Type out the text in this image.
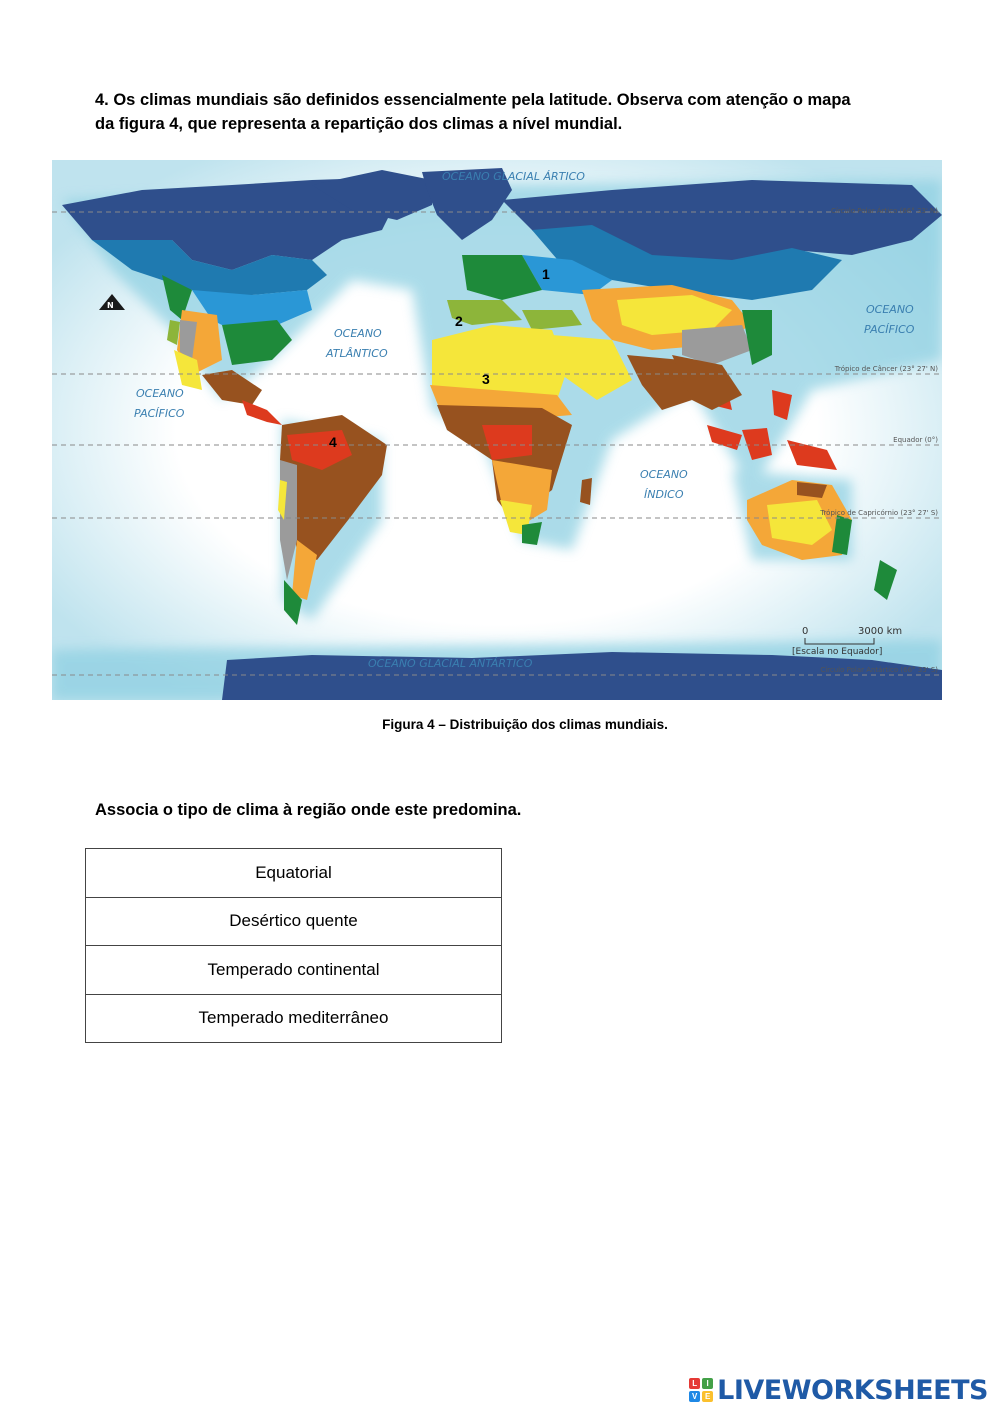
4. Os climas mundiais são definidos essencialmente pela latitude. Observa com atenção o mapa
da figura 4, que representa a repartição dos climas a nível mundial.
OCEANO GLACIAL ÁRTICO
OCEANO
ATLÂNTICO
OCEANO
PACÍFICO
OCEANO
PACÍFICO
OCEANO
ÍNDICO
OCEANO GLACIAL ANTÁRTICO
Círculo Polar Ártico (66° 33' N)
Trópico de Câncer (23° 27' N)
Equador (0°)
Trópico de Capricórnio (23° 27' S)
Círculo Polar Antártico (66° 33' S)
1
2
3
4
N
0	3000 km
[Escala no Equador]
Figura 4 – Distribuição dos climas mundiais.
Associa o tipo de clima à região onde este predomina.
Equatorial
Desértico quente
Temperado continental
Temperado mediterrâneo
L	I
V E LIVEWORKSHEETS
